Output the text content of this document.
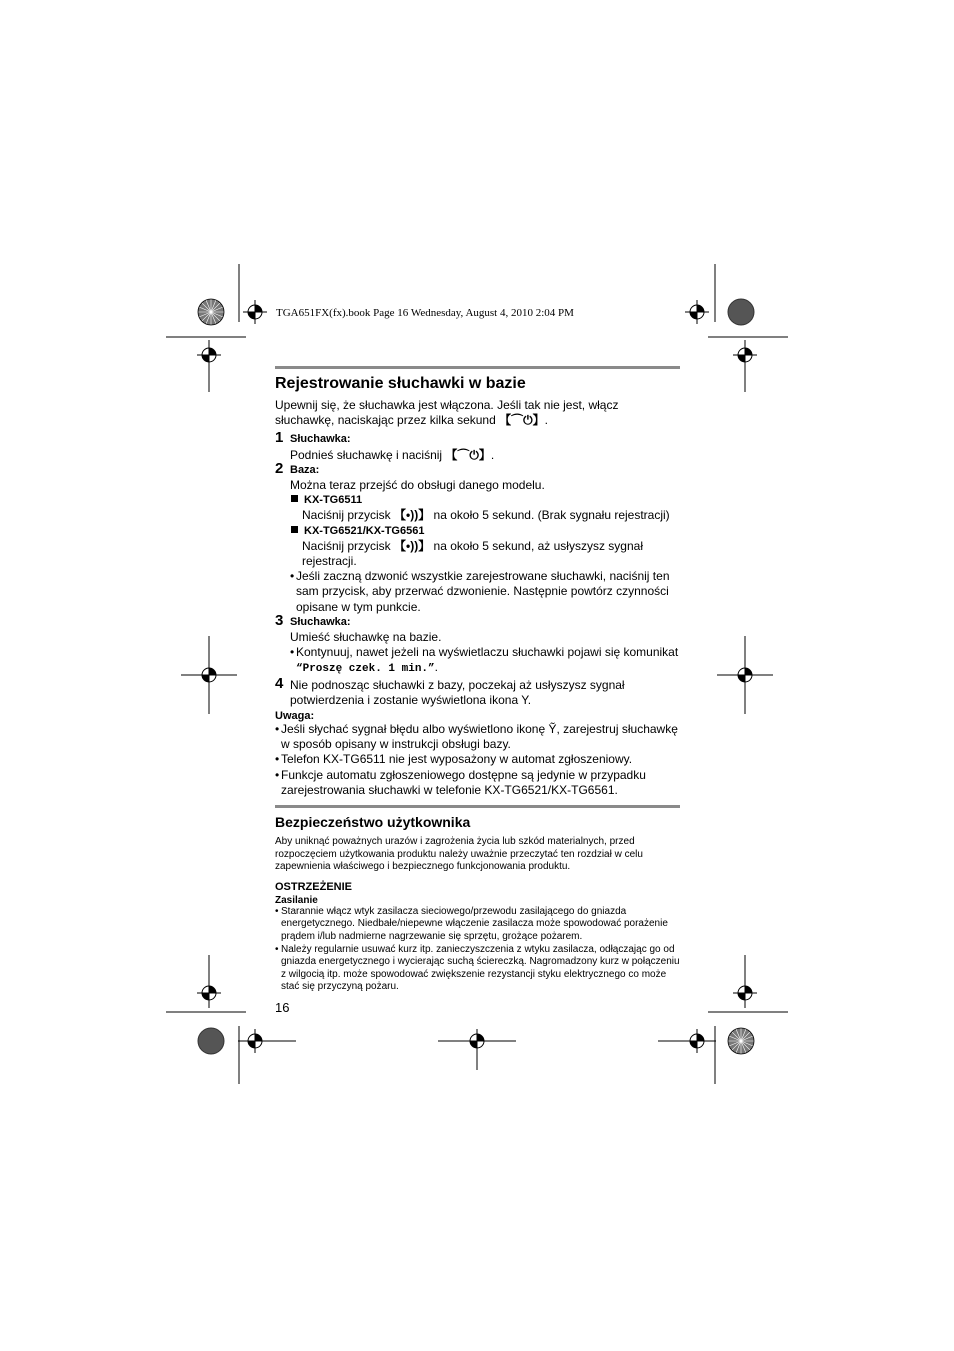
TGA651FX(fx).book Page 16 Wednesday, August 4, 2010 2:04 PM
Rejestrowanie słuchawki w bazie
Upewnij się, że słuchawka jest włączona. Jeśli tak nie jest, włącz słuchawkę, naciskając przez kilka sekund 【⌒⏻】.
1 Słuchawka:
Podnieś słuchawkę i naciśnij 【⌒⏻】.
2 Baza:
Można teraz przejść do obsługi danego modelu.
KX-TG6511
Naciśnij przycisk 【•))】 na około 5 sekund. (Brak sygnału rejestracji)
KX-TG6521/KX-TG6561
Naciśnij przycisk 【•))】 na około 5 sekund, aż usłyszysz sygnał rejestracji.
• Jeśli zaczną dzwonić wszystkie zarejestrowane słuchawki, naciśnij ten sam przycisk, aby przerwać dzwonienie. Następnie powtórz czynności opisane w tym punkcie.
3 Słuchawka:
Umieść słuchawkę na bazie.
• Kontynuuj, nawet jeżeli na wyświetlaczu słuchawki pojawi się komunikat “Proszę czek. 1 min.”.
4 Nie podnosząc słuchawki z bazy, poczekaj aż usłyszysz sygnał potwierdzenia i zostanie wyświetlona ikona Y.
Uwaga:
• Jeśli słychać sygnał błędu albo wyświetlono ikonę Ỹ, zarejestruj słuchawkę w sposób opisany w instrukcji obsługi bazy.
• Telefon KX-TG6511 nie jest wyposażony w automat zgłoszeniowy.
• Funkcje automatu zgłoszeniowego dostępne są jedynie w przypadku zarejestrowania słuchawki w telefonie KX-TG6521/KX-TG6561.
Bezpieczeństwo użytkownika
Aby uniknąć poważnych urazów i zagrożenia życia lub szkód materialnych, przed rozpoczęciem użytkowania produktu należy uważnie przeczytać ten rozdział w celu zapewnienia właściwego i bezpiecznego funkcjonowania produktu.
OSTRZEŻENIE
Zasilanie
• Starannie włącz wtyk zasilacza sieciowego/przewodu zasilającego do gniazda energetycznego. Niedbałe/niepewne włączenie zasilacza może spowodować porażenie prądem i/lub nadmierne nagrzewanie się sprzętu, grożące pożarem.
• Należy regularnie usuwać kurz itp. zanieczyszczenia z wtyku zasilacza, odłączając go od gniazda energetycznego i wycierając suchą ściereczką. Nagromadzony kurz w połączeniu z wilgocią itp. może spowodować zwiększenie rezystancji styku elektrycznego co może stać się przyczyną pożaru.
16
